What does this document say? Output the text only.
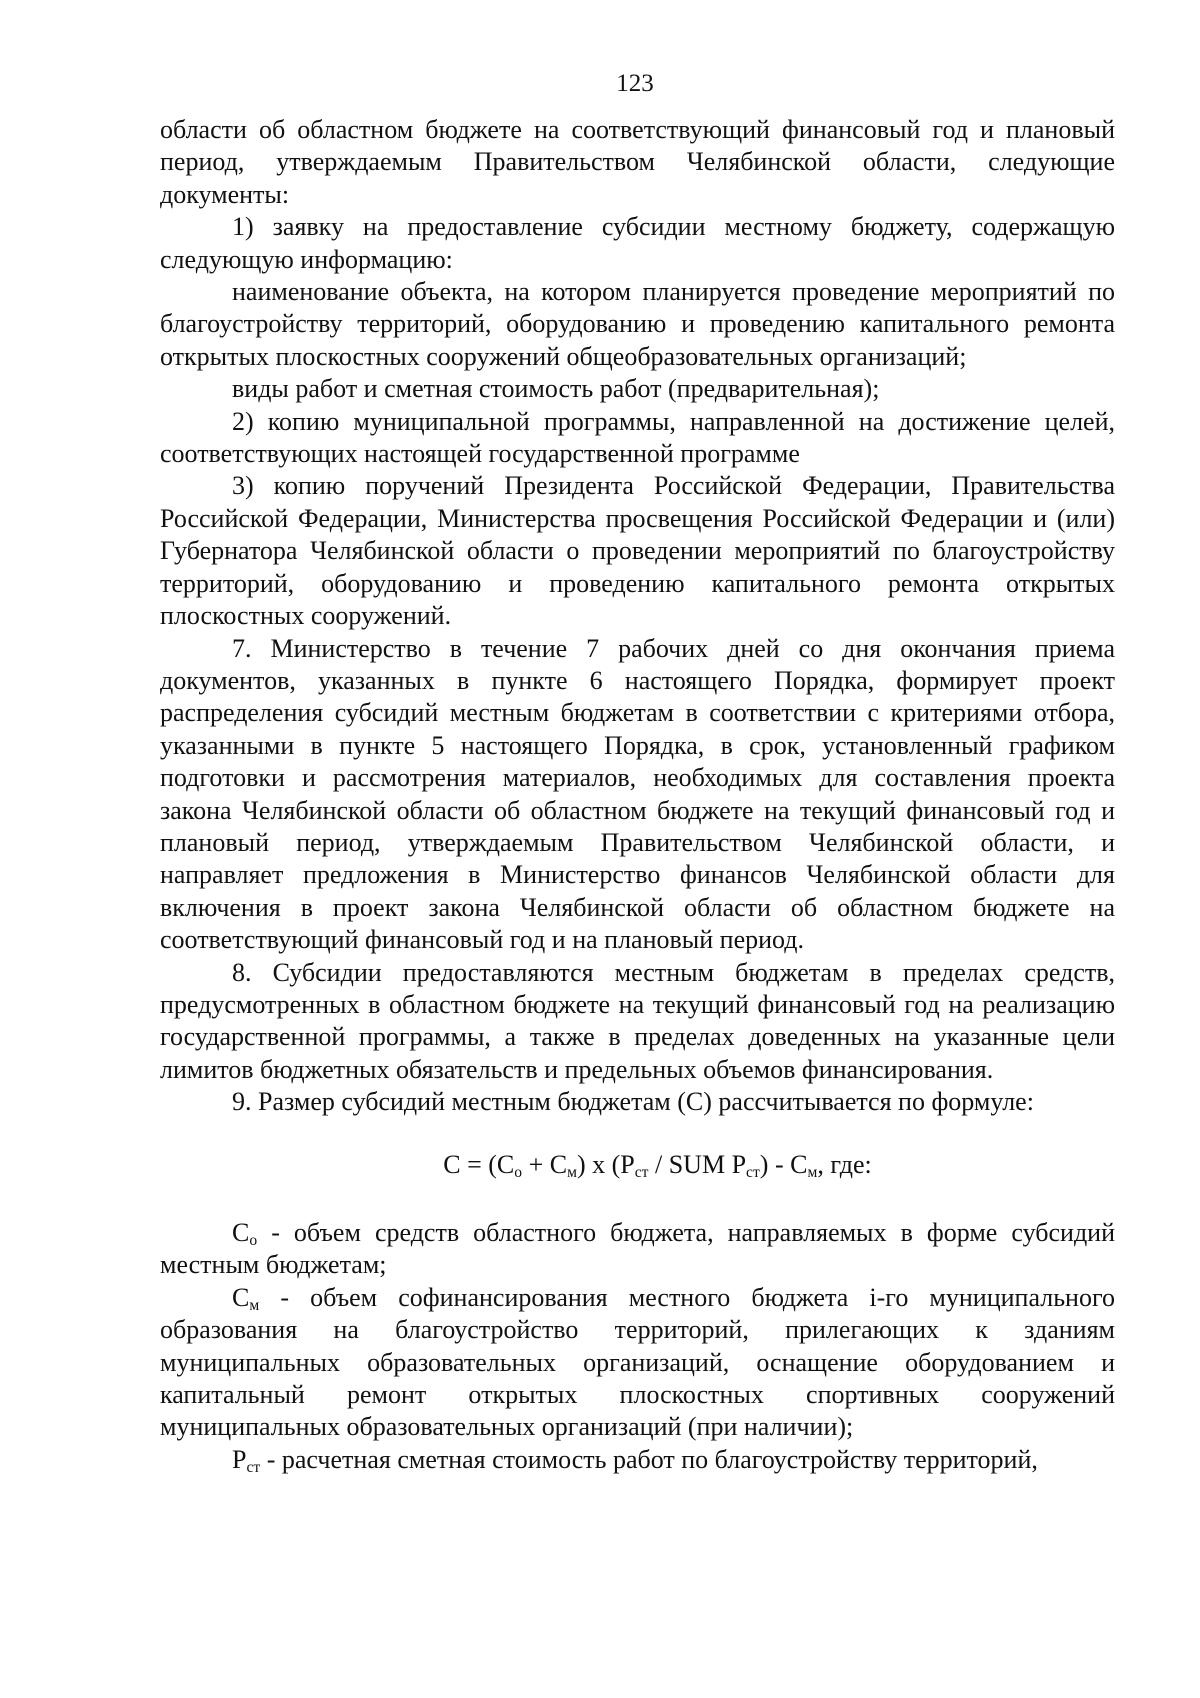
123

области об областном бюджете на соответствующий финансовый год и плановый период, утверждаемым Правительством Челябинской области, следующие документы:

1) заявку на предоставление субсидии местному бюджету, содержащую следующую информацию:

наименование объекта, на котором планируется проведение мероприятий по благоустройству территорий, оборудованию и проведению капитального ремонта открытых плоскостных сооружений общеобразовательных организаций;

виды работ и сметная стоимость работ (предварительная);

2) копию муниципальной программы, направленной на достижение целей, соответствующих настоящей государственной программе

3) копию поручений Президента Российской Федерации, Правительства Российской Федерации, Министерства просвещения Российской Федерации и (или) Губернатора Челябинской области о проведении мероприятий по благоустройству территорий, оборудованию и проведению капитального ремонта открытых плоскостных сооружений.

7. Министерство в течение 7 рабочих дней со дня окончания приема документов, указанных в пункте 6 настоящего Порядка, формирует проект распределения субсидий местным бюджетам в соответствии с критериями отбора, указанными в пункте 5 настоящего Порядка, в срок, установленный графиком подготовки и рассмотрения материалов, необходимых для составления проекта закона Челябинской области об областном бюджете на текущий финансовый год и плановый период, утверждаемым Правительством Челябинской области, и направляет предложения в Министерство финансов Челябинской области для включения в проект закона Челябинской области об областном бюджете на соответствующий финансовый год и на плановый период.

8. Субсидии предоставляются местным бюджетам в пределах средств, предусмотренных в областном бюджете на текущий финансовый год на реализацию государственной программы, а также в пределах доведенных на указанные цели лимитов бюджетных обязательств и предельных объемов финансирования.

9. Размер субсидий местным бюджетам (С) рассчитывается по формуле:

$С = (С_о + С_м)$ х ($Р_{ст}$ / SUM $Р_{ст}) - С_м$, где:

$С_о$ - объем средств областного бюджета, направляемых в форме субсидий местным бюджетам;

$С_м$ - объем софинансирования местного бюджета i-го муниципального образования на благоустройство территорий, прилегающих к зданиям муниципальных образовательных организаций, оснащение оборудованием и капитальный ремонт открытых плоскостных спортивных сооружений муниципальных образовательных организаций (при наличии);

$Р_{ст}$ - расчетная сметная стоимость работ по благоустройству территорий,
